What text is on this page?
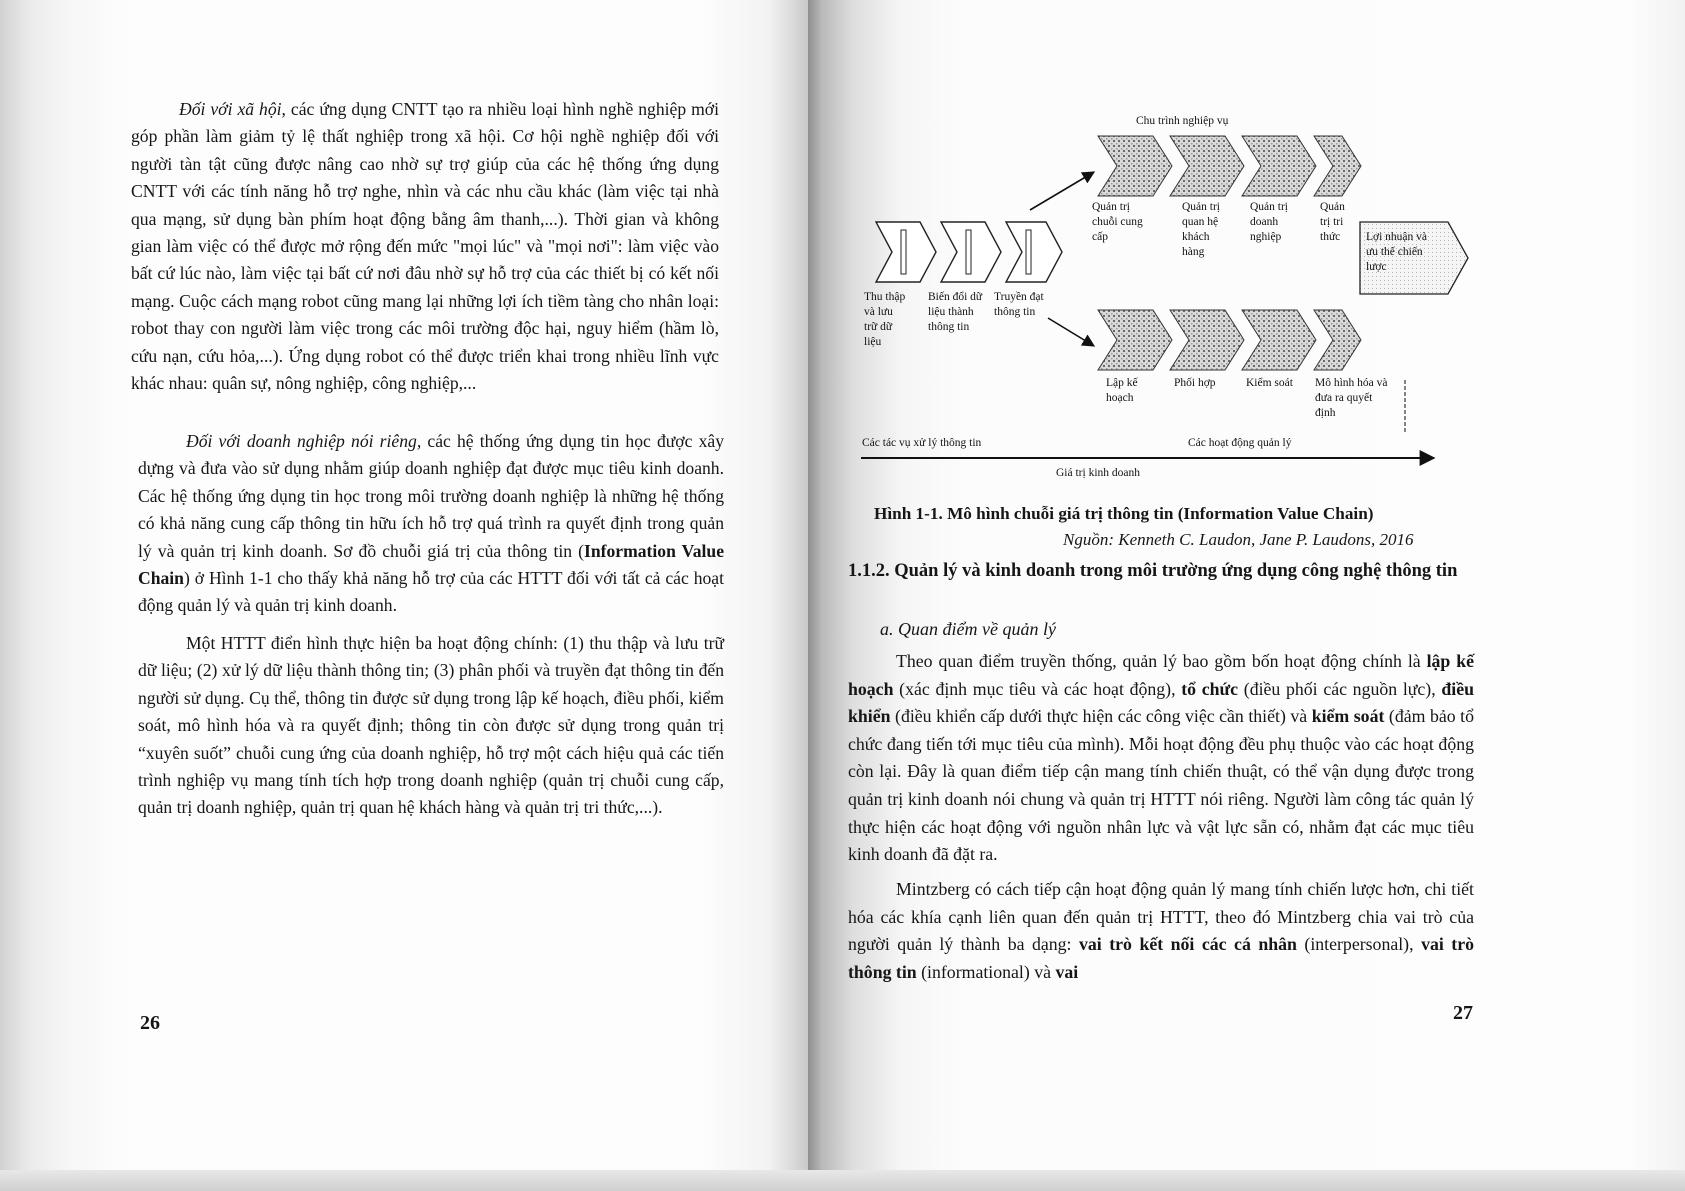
Đối với xã hội, các ứng dụng CNTT tạo ra nhiều loại hình nghề nghiệp mới góp phần làm giảm tỷ lệ thất nghiệp trong xã hội. Cơ hội nghề nghiệp đối với người tàn tật cũng được nâng cao nhờ sự trợ giúp của các hệ thống ứng dụng CNTT với các tính năng hỗ trợ nghe, nhìn và các nhu cầu khác (làm việc tại nhà qua mạng, sử dụng bàn phím hoạt động bằng âm thanh,...). Thời gian và không gian làm việc có thể được mở rộng đến mức "mọi lúc" và "mọi nơi": làm việc vào bất cứ lúc nào, làm việc tại bất cứ nơi đâu nhờ sự hỗ trợ của các thiết bị có kết nối mạng. Cuộc cách mạng robot cũng mang lại những lợi ích tiềm tàng cho nhân loại: robot thay con người làm việc trong các môi trường độc hại, nguy hiểm (hầm lò, cứu nạn, cứu hỏa,...). Ứng dụng robot có thể được triển khai trong nhiều lĩnh vực khác nhau: quân sự, nông nghiệp, công nghiệp,...

Đối với doanh nghiệp nói riêng, các hệ thống ứng dụng tin học được xây dựng và đưa vào sử dụng nhằm giúp doanh nghiệp đạt được mục tiêu kinh doanh. Các hệ thống ứng dụng tin học trong môi trường doanh nghiệp là những hệ thống có khả năng cung cấp thông tin hữu ích hỗ trợ quá trình ra quyết định trong quản lý và quản trị kinh doanh. Sơ đồ chuỗi giá trị của thông tin (Information Value Chain) ở Hình 1-1 cho thấy khả năng hỗ trợ của các HTTT đối với tất cả các hoạt động quản lý và quản trị kinh doanh.

Một HTTT điển hình thực hiện ba hoạt động chính: (1) thu thập và lưu trữ dữ liệu; (2) xử lý dữ liệu thành thông tin; (3) phân phối và truyền đạt thông tin đến người sử dụng. Cụ thể, thông tin được sử dụng trong lập kế hoạch, điều phối, kiểm soát, mô hình hóa và ra quyết định; thông tin còn được sử dụng trong quản trị “xuyên suốt” chuỗi cung ứng của doanh nghiệp, hỗ trợ một cách hiệu quả các tiến trình nghiệp vụ mang tính tích hợp trong doanh nghiệp (quản trị chuỗi cung cấp, quản trị doanh nghiệp, quản trị quan hệ khách hàng và quản trị tri thức,...).

26

Chu trình nghiệp vụ

Thu thập và lưu trữ dữ liệu

Biến đổi dữ liệu thành thông tin

Truyền đạt thông tin

Quản trị chuỗi cung cấp

Quản trị quan hệ khách hàng

Quản trị doanh nghiệp

Quản trị tri thức

Lập kế hoạch

Phối hợp	Kiểm soát	Mô hình hóa và đưa ra quyết định

Lợi nhuận và ưu thế chiến lược

Các tác vụ xử lý thông tin	Các hoạt động quản lý

Giá trị kinh doanh

Hình 1-1. Mô hình chuỗi giá trị thông tin (Information Value Chain)

Nguồn: Kenneth C. Laudon, Jane P. Laudons, 2016

1.1.2. Quản lý và kinh doanh trong môi trường ứng dụng công nghệ thông tin

a. Quan điểm về quản lý

Theo quan điểm truyền thống, quản lý bao gồm bốn hoạt động chính là lập kế hoạch (xác định mục tiêu và các hoạt động), tổ chức (điều phối các nguồn lực), điều khiển (điều khiển cấp dưới thực hiện các công việc cần thiết) và kiểm soát (đảm bảo tổ chức đang tiến tới mục tiêu của mình). Mỗi hoạt động đều phụ thuộc vào các hoạt động còn lại. Đây là quan điểm tiếp cận mang tính chiến thuật, có thể vận dụng được trong quản trị kinh doanh nói chung và quản trị HTTT nói riêng. Người làm công tác quản lý thực hiện các hoạt động với nguồn nhân lực và vật lực sẵn có, nhằm đạt các mục tiêu kinh doanh đã đặt ra.

Mintzberg có cách tiếp cận hoạt động quản lý mang tính chiến lược hơn, chi tiết hóa các khía cạnh liên quan đến quản trị HTTT, theo đó Mintzberg chia vai trò của người quản lý thành ba dạng: vai trò kết nối các cá nhân (interpersonal), vai trò thông tin (informational) và vai

27
